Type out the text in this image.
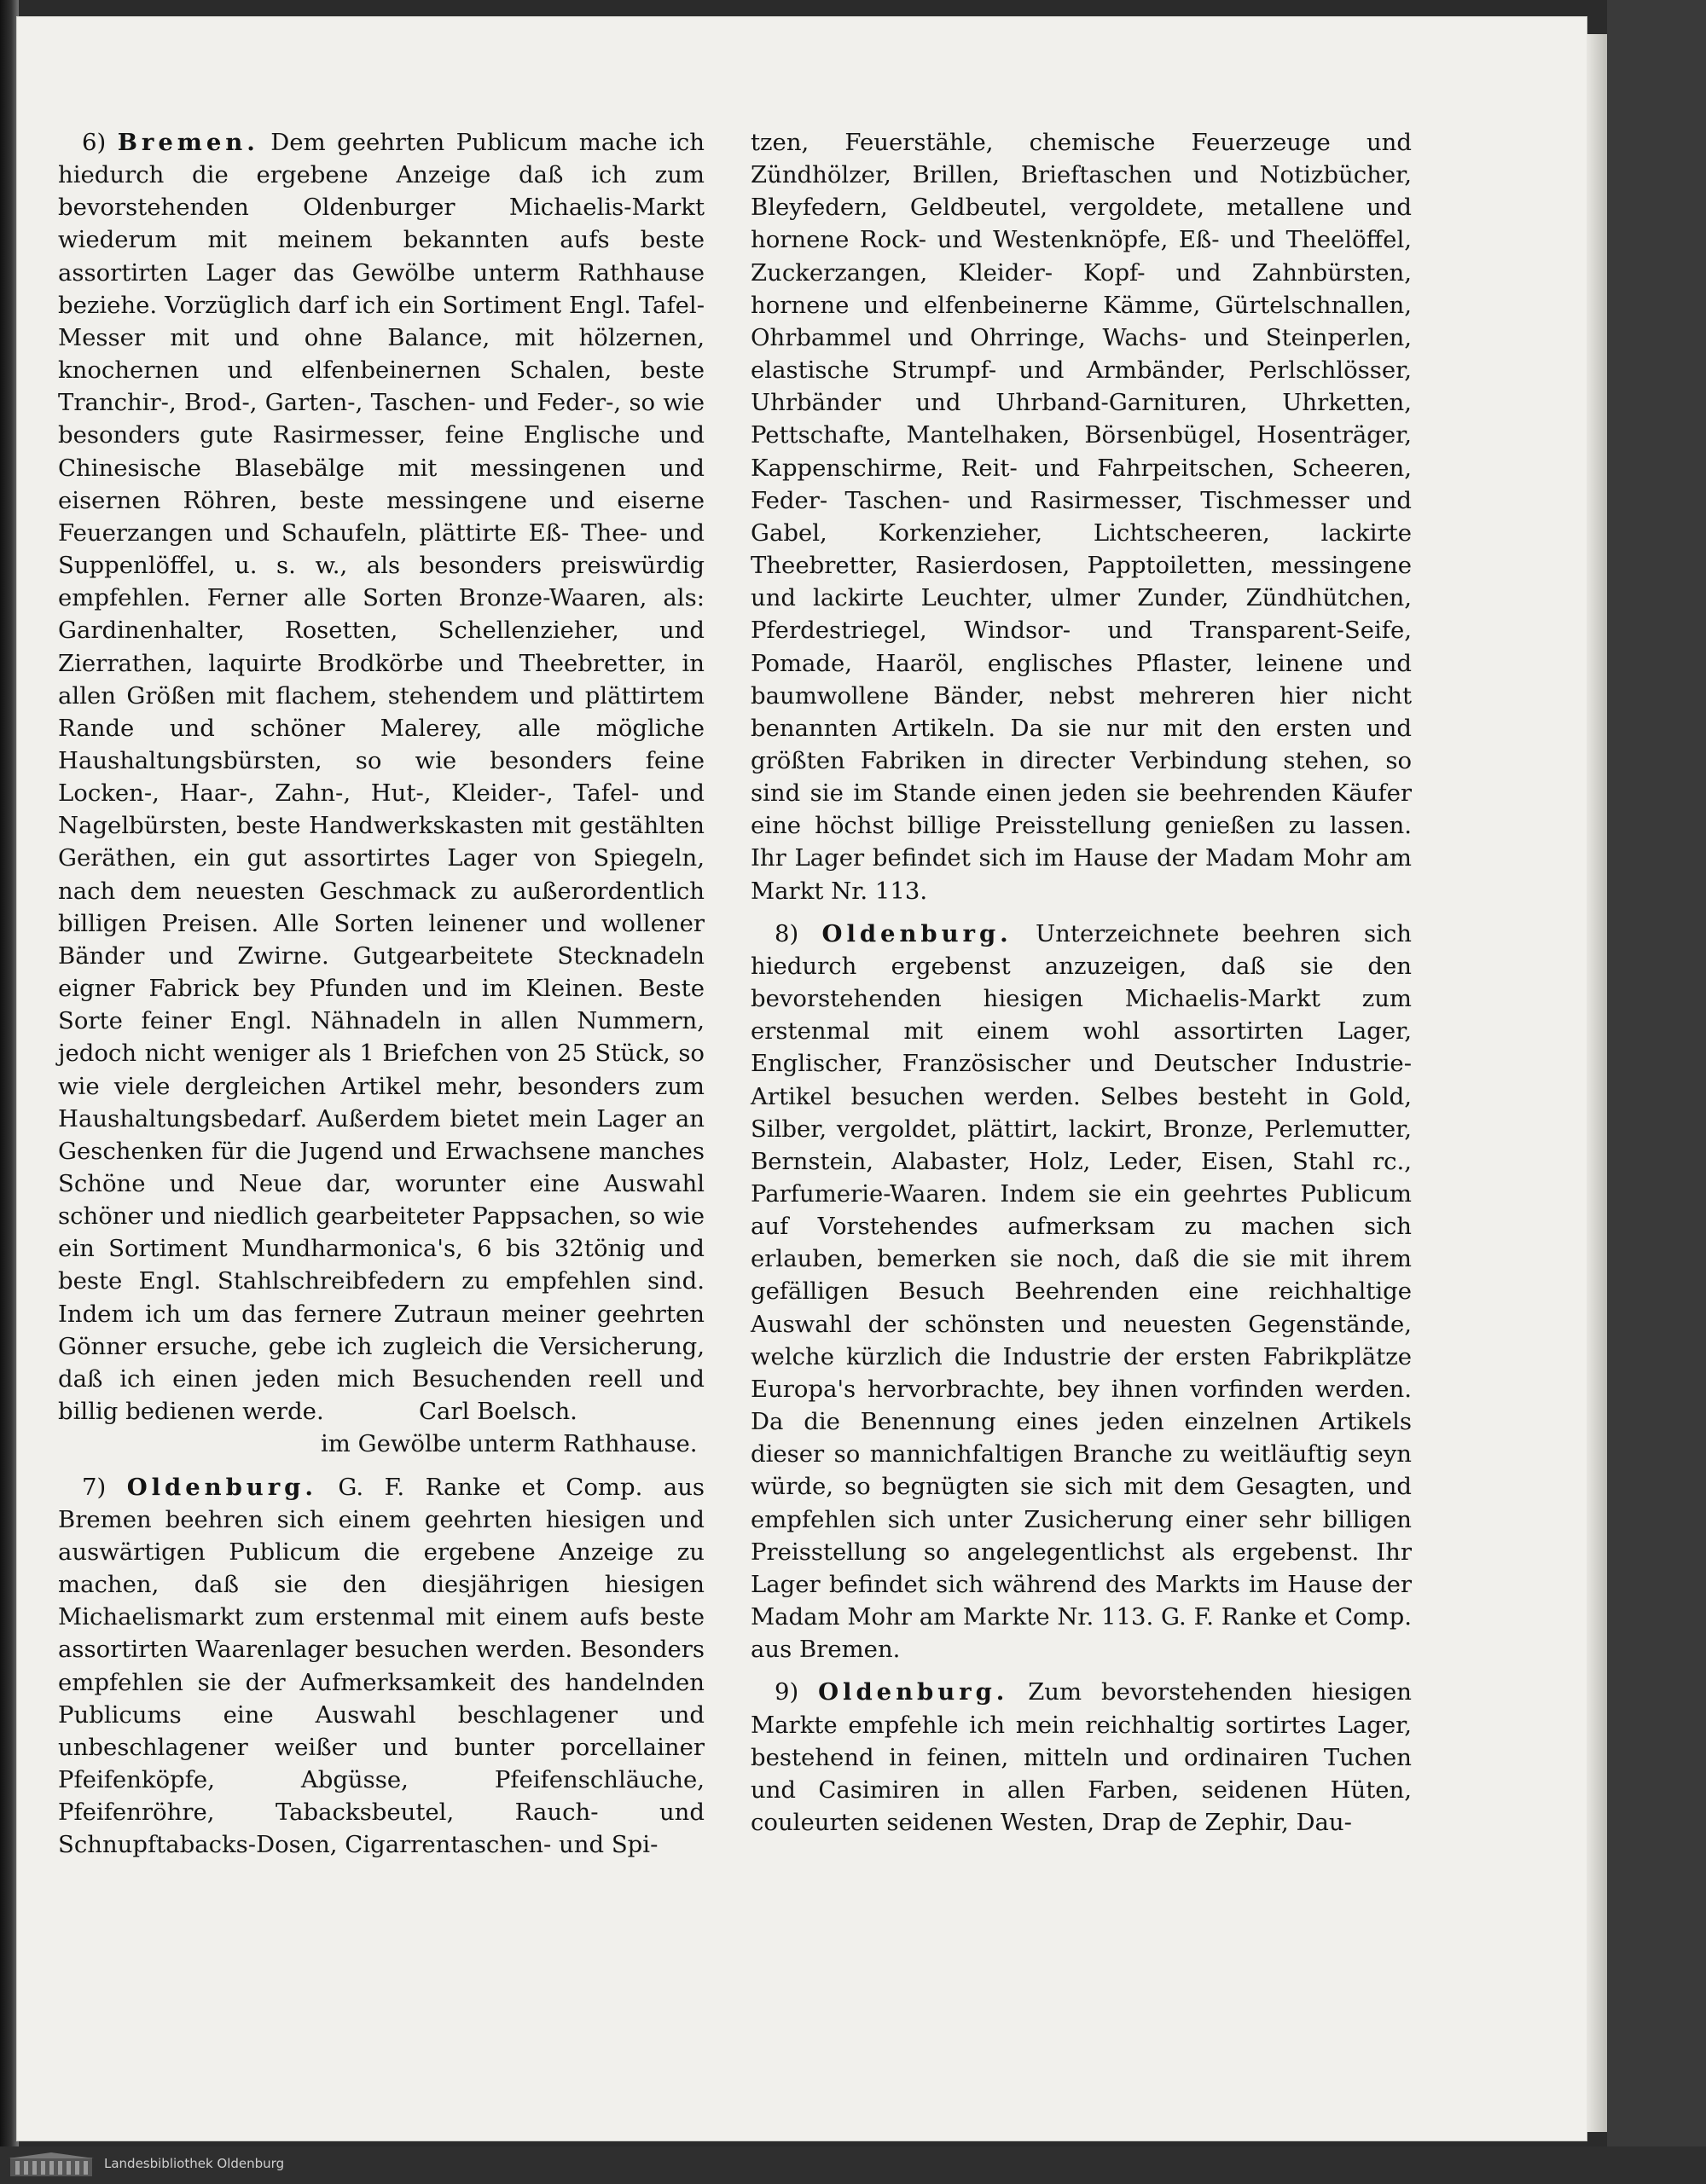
6) Bremen. Dem geehrten Publicum mache ich hiedurch die ergebene Anzeige daß ich zum bevorstehenden Oldenburger Michaelis-Markt wiederum mit meinem bekannten aufs beste assortirten Lager das Gewölbe unterm Rathhause beziehe. Vorzüglich darf ich ein Sortiment Engl. Tafel-Messer mit und ohne Balance, mit hölzernen, knochernen und elfenbeinernen Schalen, beste Tranchir-, Brod-, Garten-, Taschen- und Feder-, so wie besonders gute Rasirmesser, feine Englische und Chinesische Blasebälge mit messingenen und eisernen Röhren, beste messingene und eiserne Feuerzangen und Schaufeln, plättirte Eß- Thee- und Suppenlöffel, u. s. w., als besonders preiswürdig empfehlen. Ferner alle Sorten Bronze-Waaren, als: Gardinenhalter, Rosetten, Schellenzieher, und Zierrathen, laquirte Brodkörbe und Theebretter, in allen Größen mit flachem, stehendem und plättirtem Rande und schöner Malerey, alle mögliche Haushaltungsbürsten, so wie besonders feine Locken-, Haar-, Zahn-, Hut-, Kleider-, Tafel- und Nagelbürsten, beste Handwerkskasten mit gestählten Geräthen, ein gut assortirtes Lager von Spiegeln, nach dem neuesten Geschmack zu außerordentlich billigen Preisen. Alle Sorten leinener und wollener Bänder und Zwirne. Gutgearbeitete Stecknadeln eigner Fabrick bey Pfunden und im Kleinen. Beste Sorte feiner Engl. Nähnadeln in allen Nummern, jedoch nicht weniger als 1 Briefchen von 25 Stück, so wie viele dergleichen Artikel mehr, besonders zum Haushaltungsbedarf. Außerdem bietet mein Lager an Geschenken für die Jugend und Erwachsene manches Schöne und Neue dar, worunter eine Auswahl schöner und niedlich gearbeiteter Pappsachen, so wie ein Sortiment Mundharmonica's, 6 bis 32tönig und beste Engl. Stahlschreibfedern zu empfehlen sind. Indem ich um das fernere Zutraun meiner geehrten Gönner ersuche, gebe ich zugleich die Versicherung, daß ich einen jeden mich Besuchenden reell und billig bedienen werde.	Carl Boelsch.
im Gewölbe unterm Rathhause.

7) Oldenburg. G. F. Ranke et Comp. aus Bremen beehren sich einem geehrten hiesigen und auswärtigen Publicum die ergebene Anzeige zu machen, daß sie den diesjährigen hiesigen Michaelismarkt zum erstenmal mit einem aufs beste assortirten Waarenlager besuchen werden. Besonders empfehlen sie der Aufmerksamkeit des handelnden Publicums eine Auswahl beschlagener und unbeschlagener weißer und bunter porcellainer Pfeifenköpfe, Abgüsse, Pfeifenschläuche, Pfeifenröhre, Tabacksbeutel, Rauch- und Schnupftabacks-Dosen, Cigarrentaschen- und Spi-

tzen, Feuerstähle, chemische Feuerzeuge und Zündhölzer, Brillen, Brieftaschen und Notizbücher, Bleyfedern, Geldbeutel, vergoldete, metallene und hornene Rock- und Westenknöpfe, Eß- und Theelöffel, Zuckerzangen, Kleider- Kopf- und Zahnbürsten, hornene und elfenbeinerne Kämme, Gürtelschnallen, Ohrbammel und Ohrringe, Wachs- und Steinperlen, elastische Strumpf- und Armbänder, Perlschlösser, Uhrbänder und Uhrband-Garnituren, Uhrketten, Pettschafte, Mantelhaken, Börsenbügel, Hosenträger, Kappenschirme, Reit- und Fahrpeitschen, Scheeren, Feder- Taschen- und Rasirmesser, Tischmesser und Gabel, Korkenzieher, Lichtscheeren, lackirte Theebretter, Rasierdosen, Papptoiletten, messingene und lackirte Leuchter, ulmer Zunder, Zündhütchen, Pferdestriegel, Windsor- und Transparent-Seife, Pomade, Haaröl, englisches Pflaster, leinene und baumwollene Bänder, nebst mehreren hier nicht benannten Artikeln. Da sie nur mit den ersten und größten Fabriken in directer Verbindung stehen, so sind sie im Stande einen jeden sie beehrenden Käufer eine höchst billige Preisstellung genießen zu lassen. Ihr Lager befindet sich im Hause der Madam Mohr am Markt Nr. 113.

8) Oldenburg. Unterzeichnete beehren sich hiedurch ergebenst anzuzeigen, daß sie den bevorstehenden hiesigen Michaelis-Markt zum erstenmal mit einem wohl assortirten Lager, Englischer, Französischer und Deutscher Industrie-Artikel besuchen werden. Selbes besteht in Gold, Silber, vergoldet, plättirt, lackirt, Bronze, Perlemutter, Bernstein, Alabaster, Holz, Leder, Eisen, Stahl rc., Parfumerie-Waaren. Indem sie ein geehrtes Publicum auf Vorstehendes aufmerksam zu machen sich erlauben, bemerken sie noch, daß die sie mit ihrem gefälligen Besuch Beehrenden eine reichhaltige Auswahl der schönsten und neuesten Gegenstände, welche kürzlich die Industrie der ersten Fabrikplätze Europa's hervorbrachte, bey ihnen vorfinden werden. Da die Benennung eines jeden einzelnen Artikels dieser so mannichfaltigen Branche zu weitläuftig seyn würde, so begnügten sie sich mit dem Gesagten, und empfehlen sich unter Zusicherung einer sehr billigen Preisstellung so angelegentlichst als ergebenst. Ihr Lager befindet sich während des Markts im Hause der Madam Mohr am Markte Nr. 113. G. F. Ranke et Comp. aus Bremen.

9) Oldenburg. Zum bevorstehenden hiesigen Markte empfehle ich mein reichhaltig sortirtes Lager, bestehend in feinen, mitteln und ordinairen Tuchen und Casimiren in allen Farben, seidenen Hüten, couleurten seidenen Westen, Drap de Zephir, Dau-

Landesbibliothek Oldenburg
